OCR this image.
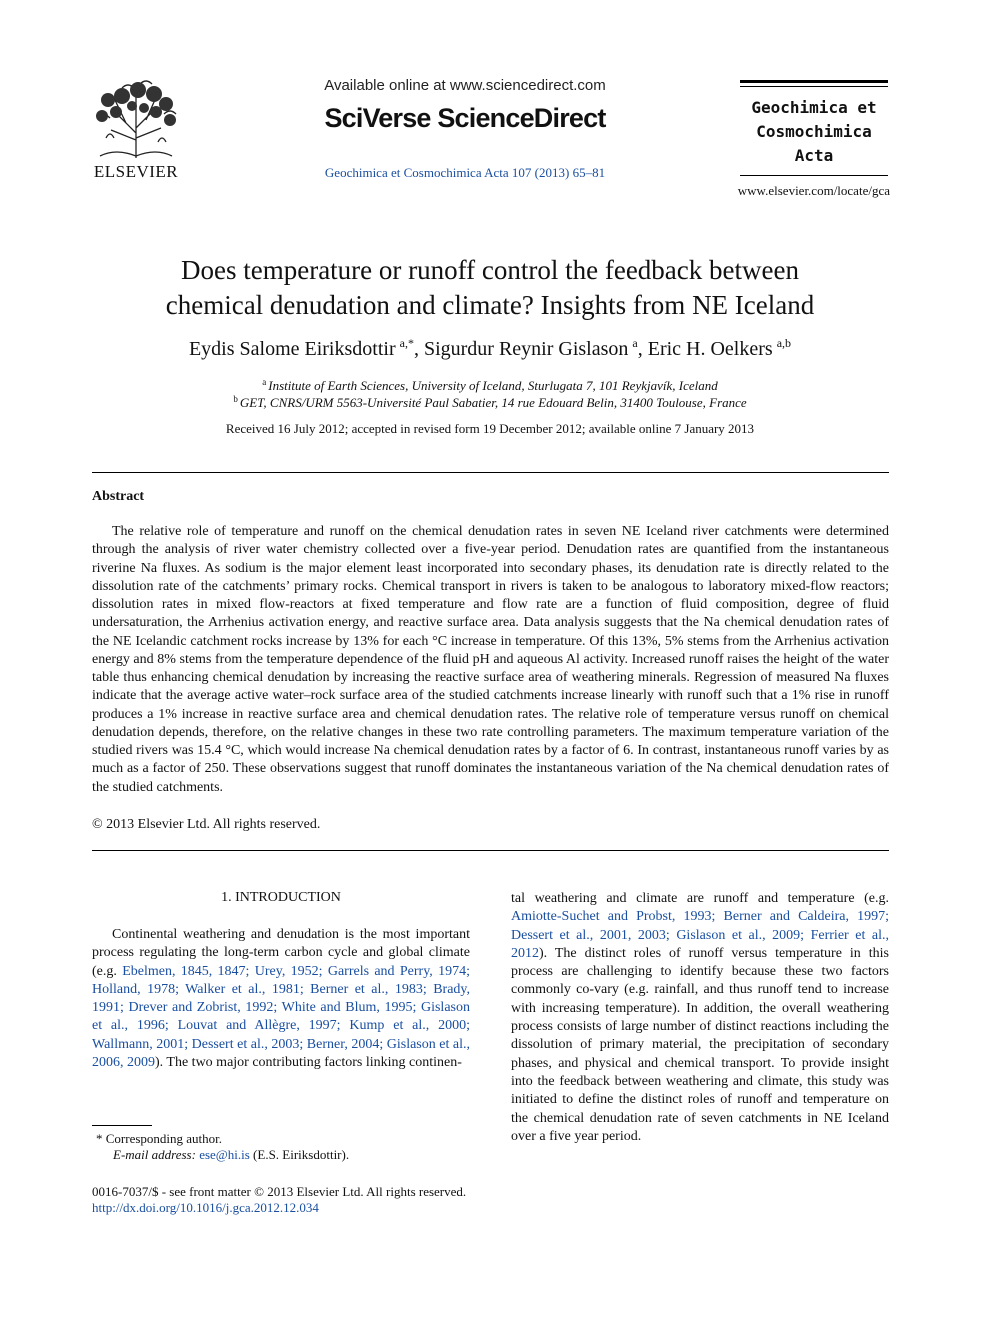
ELSEVIER
Available online at www.sciencedirect.com
SciVerse ScienceDirect
Geochimica et Cosmochimica Acta 107 (2013) 65–81
Geochimica et
Cosmochimica
Acta
www.elsevier.com/locate/gca
Does temperature or runoff control the feedback between
chemical denudation and climate? Insights from NE Iceland
Eydis Salome Eiriksdottir  $^{a,*}$, Sigurdur Reynir Gislason  $^a$, Eric H. Oelkers  $^{a,b}$
$^a$ Institute of Earth Sciences, University of Iceland, Sturlugata 7, 101 Reykjavík, Iceland
$^b$ GET, CNRS/URM 5563-Université Paul Sabatier, 14 rue Edouard Belin, 31400 Toulouse, France
Received 16 July 2012; accepted in revised form 19 December 2012; available online 7 January 2013
Abstract

The relative role of temperature and runoff on the chemical denudation rates in seven NE Iceland river catchments were determined through the analysis of river water chemistry collected over a five-year period. Denudation rates are quantified from the instantaneous riverine Na fluxes. As sodium is the major element least incorporated into secondary phases, its denudation rate is directly related to the dissolution rate of the catchments’ primary rocks. Chemical transport in rivers is taken to be analogous to laboratory mixed-flow reactors; dissolution rates in mixed flow-reactors at fixed temperature and flow rate are a function of fluid composition, degree of fluid undersaturation, the Arrhenius activation energy, and reactive surface area. Data analysis suggests that the Na chemical denudation rates of the NE Icelandic catchment rocks increase by 13% for each °C increase in temperature. Of this 13%, 5% stems from the Arrhenius activation energy and 8% stems from the temperature dependence of the fluid pH and aqueous Al activity. Increased runoff raises the height of the water table thus enhancing chemical denudation by increasing the reactive surface area of weathering minerals. Regression of measured Na fluxes indicate that the average active water–rock surface area of the studied catchments increase linearly with runoff such that a 1% rise in runoff produces a 1% increase in reactive surface area and chemical denudation rates. The relative role of temperature versus runoff on chemical denudation depends, therefore, on the relative changes in these two rate controlling parameters. The maximum temperature variation of the studied rivers was 15.4 °C, which would increase Na chemical denudation rates by a factor of 6. In contrast, instantaneous runoff varies by as much as a factor of 250. These observations suggest that runoff dominates the instantaneous variation of the Na chemical denudation rates of the studied catchments.

© 2013 Elsevier Ltd. All rights reserved.
1. INTRODUCTION

Continental weathering and denudation is the most important process regulating the long-term carbon cycle and global climate (e.g. Ebelmen, 1845, 1847; Urey, 1952; Garrels and Perry, 1974; Holland, 1978; Walker et al., 1981; Berner et al., 1983; Brady, 1991; Drever and Zobrist, 1992; White and Blum, 1995; Gislason et al., 1996; Louvat and Allègre, 1997; Kump et al., 2000; Wallmann, 2001; Dessert et al., 2003; Berner, 2004; Gislason et al., 2006, 2009). The two major contributing factors linking continen-

tal weathering and climate are runoff and temperature (e.g. Amiotte-Suchet and Probst, 1993; Berner and Caldeira, 1997; Dessert et al., 2001, 2003; Gislason et al., 2009; Ferrier et al., 2012). The distinct roles of runoff versus temperature in this process are challenging to identify because these two factors commonly co-vary (e.g. rainfall, and thus runoff tend to increase with increasing temperature). In addition, the overall weathering process consists of large number of distinct reactions including the dissolution of primary material, the precipitation of secondary phases, and physical and chemical transport. To provide insight into the feedback between weathering and climate, this study was initiated to define the distinct roles of runoff and temperature on the chemical denudation rate of seven catchments in NE Iceland over a five year period.

* Corresponding author.
E-mail address: ese@hi.is (E.S. Eiriksdottir).
0016-7037/$ - see front matter © 2013 Elsevier Ltd. All rights reserved.
http://dx.doi.org/10.1016/j.gca.2012.12.034
